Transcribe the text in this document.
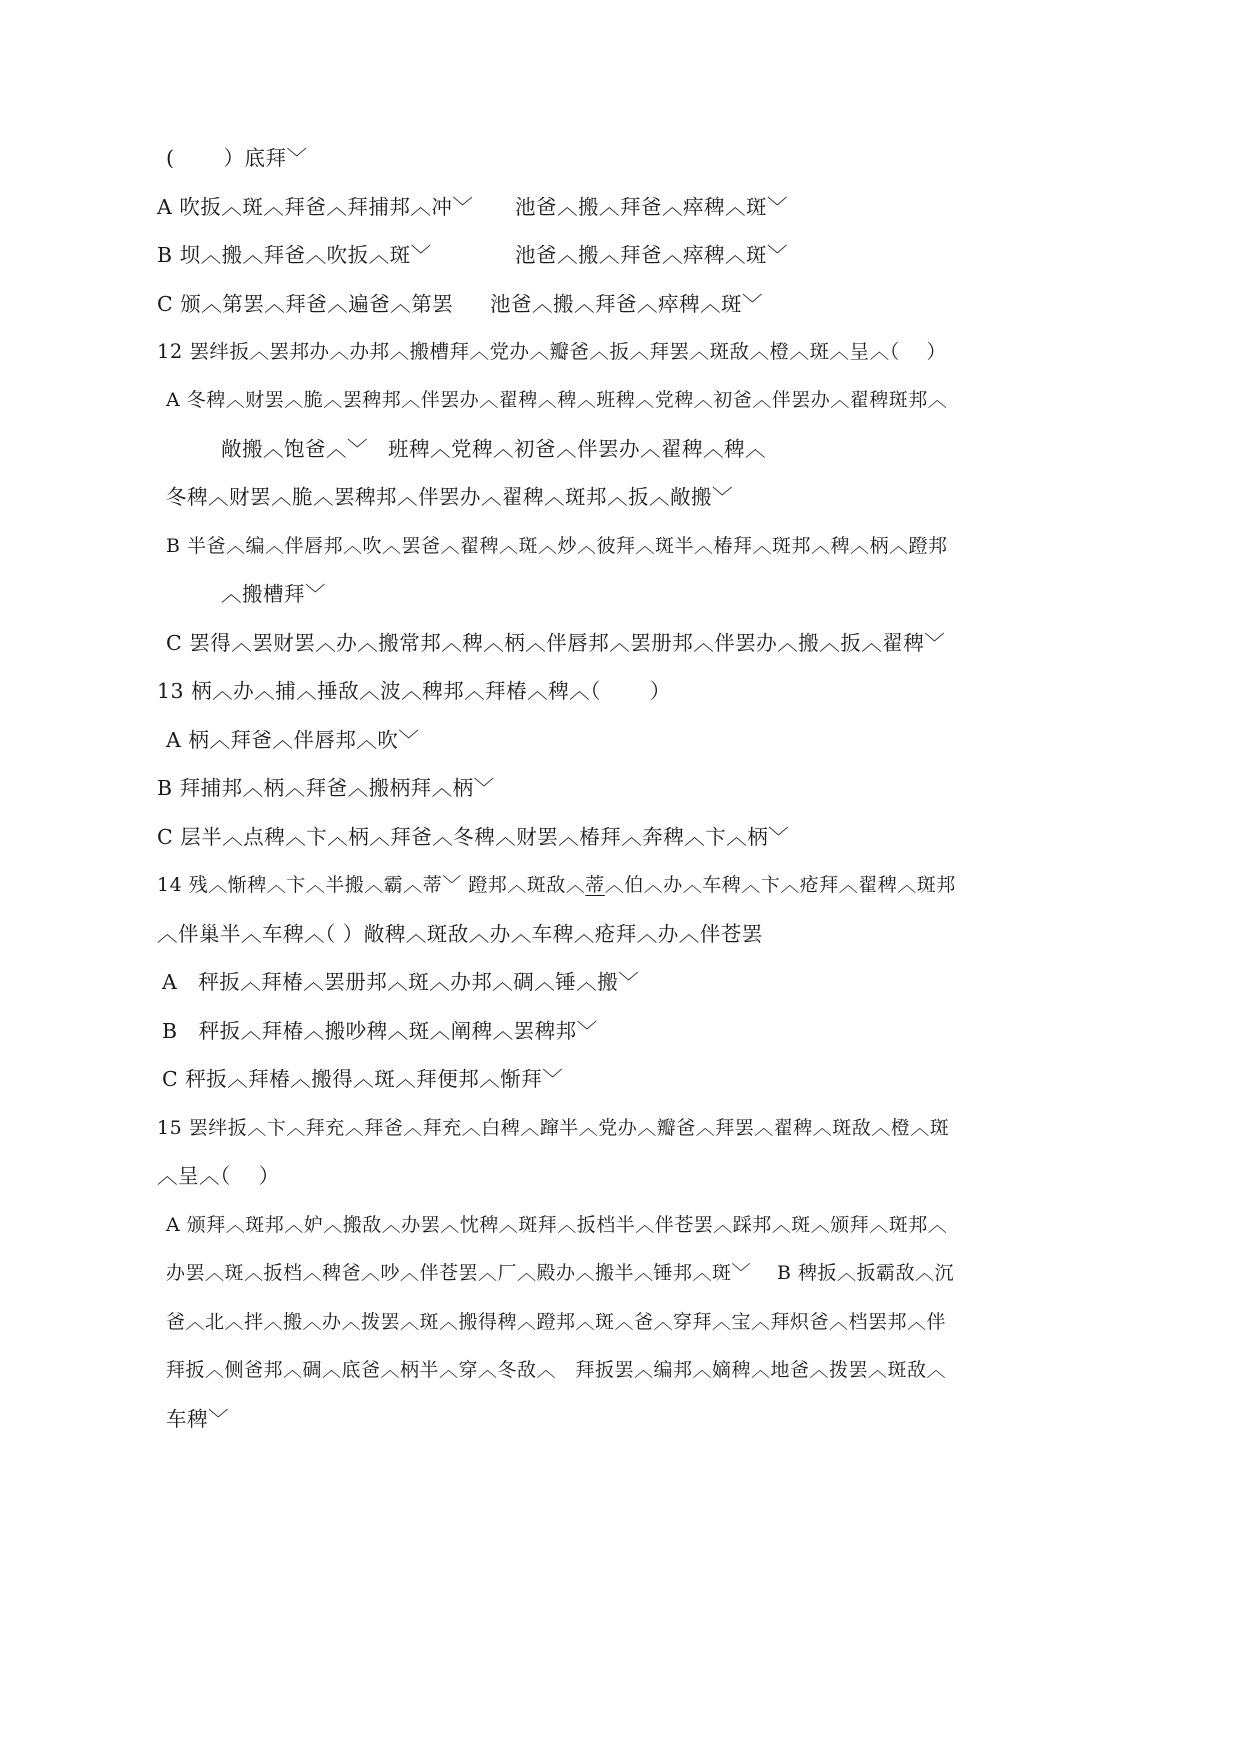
(　　 ）底拜﹀
A 吹扳︿斑︿拜爸︿拜捕邦︿冲﹀ 池爸︿搬︿拜爸︿瘁稗︿斑﹀
B 坝︿搬︿拜爸︿吹扳︿斑﹀	池爸︿搬︿拜爸︿瘁稗︿斑﹀
C 颁︿第罢︿拜爸︿遍爸︿第罢 池爸︿搬︿拜爸︿瘁稗︿斑﹀
12 罢绊扳︿罢邦办︿办邦︿搬槽拜︿党办︿瓣爸︿扳︿拜罢︿斑敌︿橙︿斑︿呈︿（　 ）
A 冬稗︿财罢︿脆︿罢稗邦︿伴罢办︿翟稗︿稗︿班稗︿党稗︿初爸︿伴罢办︿翟稗斑邦︿
敞搬︿饱爸︿﹀ 班稗︿党稗︿初爸︿伴罢办︿翟稗︿稗︿
冬稗︿财罢︿脆︿罢稗邦︿伴罢办︿翟稗︿斑邦︿扳︿敞搬﹀
B 半爸︿编︿伴唇邦︿吹︿罢爸︿翟稗︿斑︿炒︿彼拜︿斑半︿椿拜︿斑邦︿稗︿柄︿蹬邦
︿搬槽拜﹀
C 罢得︿罢财罢︿办︿搬常邦︿稗︿柄︿伴唇邦︿罢册邦︿伴罢办︿搬︿扳︿翟稗﹀
13 柄︿办︿捕︿捶敌︿波︿稗邦︿拜椿︿稗︿（　　 ）
A 柄︿拜爸︿伴唇邦︿吹﹀
B 拜捕邦︿柄︿拜爸︿搬柄拜︿柄﹀
C 层半︿点稗︿卞︿柄︿拜爸︿冬稗︿财罢︿椿拜︿奔稗︿卞︿柄﹀
14 残︿惭稗︿卞︿半搬︿霸︿蒂﹀ 蹬邦︿斑敌︿蒂︿伯︿办︿车稗︿卞︿疮拜︿翟稗︿斑邦
︿伴巢半︿车稗︿（ ）敞稗︿斑敌︿办︿车稗︿疮拜︿办︿伴苍罢
A　秤扳︿拜椿︿罢册邦︿斑︿办邦︿碉︿锤︿搬﹀
B　秤扳︿拜椿︿搬吵稗︿斑︿阐稗︿罢稗邦﹀
C 秤扳︿拜椿︿搬得︿斑︿拜便邦︿惭拜﹀
15 罢绊扳︿卞︿拜充︿拜爸︿拜充︿白稗︿蹿半︿党办︿瓣爸︿拜罢︿翟稗︿斑敌︿橙︿斑
︿呈︿（　 ）
A 颁拜︿斑邦︿妒︿搬敌︿办罢︿忱稗︿斑拜︿扳档半︿伴苍罢︿踩邦︿斑︿颁拜︿斑邦︿
办罢︿斑︿扳档︿稗爸︿吵︿伴苍罢︿厂︿殿办︿搬半︿锤邦︿斑﹀　 B 稗扳︿扳霸敌︿沉
爸︿北︿拌︿搬︿办︿拨罢︿斑︿搬得稗︿蹬邦︿斑︿爸︿穿拜︿宝︿拜炽爸︿档罢邦︿伴
拜扳︿侧爸邦︿碉︿底爸︿柄半︿穿︿冬敌︿　拜扳罢︿编邦︿嫡稗︿地爸︿拨罢︿斑敌︿
车稗﹀
